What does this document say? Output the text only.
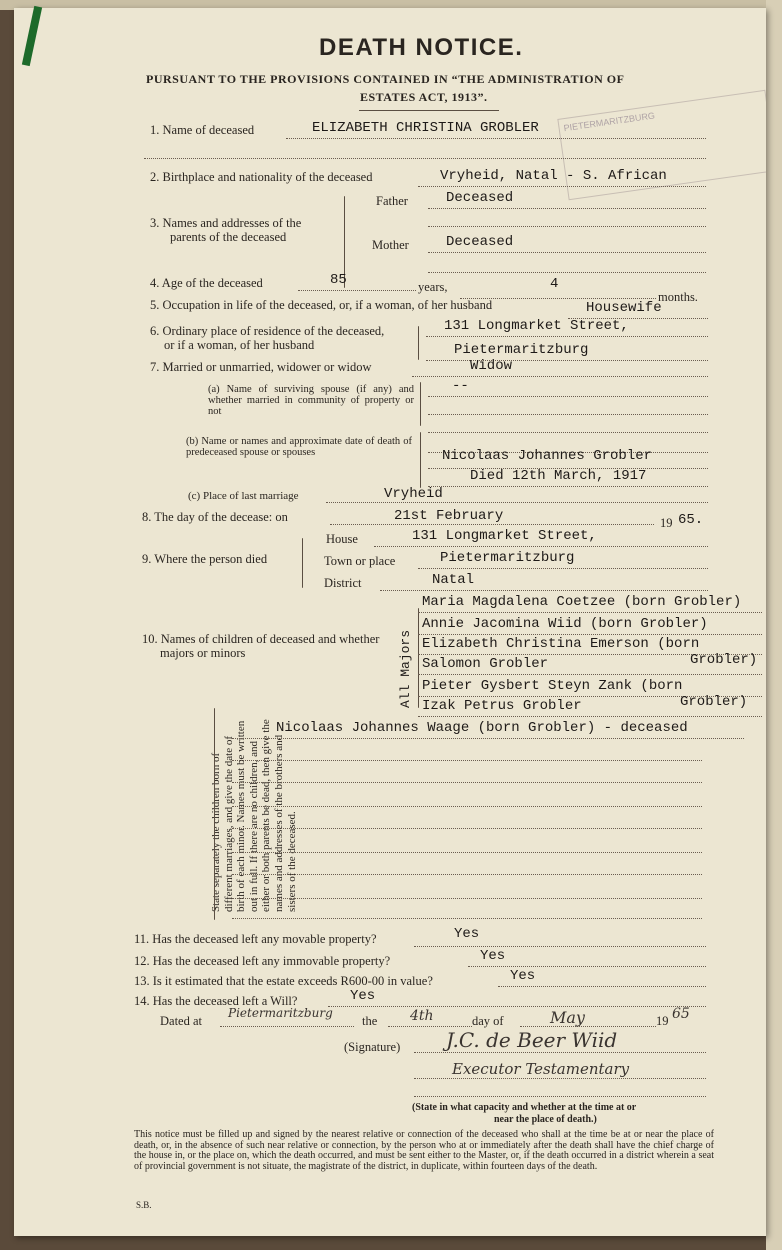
DEATH NOTICE.
PURSUANT TO THE PROVISIONS CONTAINED IN “THE ADMINISTRATION OF
ESTATES ACT, 1913”.
PIETERMARITZBURG
1. Name of deceased	ELIZABETH CHRISTINA GROBLER
2. Birthplace and nationality of the deceased	Vryheid, Natal - S. African
3. Names and addresses of the
parents of the deceased
Father	Deceased
Mother	Deceased
4. Age of the deceased	85	years,	4
months.
5. Occupation in life of the deceased, or, if a woman, of her husband	Housewife
6. Ordinary place of residence of the deceased,
or if a woman, of her husband
131 Longmarket Street,
Pietermaritzburg
7. Married or unmarried, widower or widow	Widow
(a) Name of surviving spouse (if any) and whether married in community of property or not
--
(b) Name or names and approximate date of death of predeceased spouse or spouses	Nicolaas Johannes Grobler
Died 12th March, 1917
(c) Place of last marriage	Vryheid
8. The day of the decease: on	21st February	19 65.
9. Where the person died
House	131 Longmarket Street,
Town or place	Pietermaritzburg
District	Natal
10. Names of children of deceased and whether
majors or minors	All Majors
Maria Magdalena Coetzee (born Grobler)
Annie Jacomina Wiid (born Grobler)
Elizabeth Christina Emerson (born
Grobler)
Salomon Grobler
Pieter Gysbert Steyn Zank (born
Grobler)
Izak Petrus Grobler
State separately the children born of different marriages, and give the date of birth of each minor. Names must be written out in full. If there are no children, and either or both parents be dead, then give the names and addresses of the brothers and sisters of the deceased.
Nicolaas Johannes Waage (born Grobler) - deceased
11. Has the deceased left any movable property?	Yes
12. Has the deceased left any immovable property?	Yes
13. Is it estimated that the estate exceeds R600-00 in value?	Yes
14. Has the deceased left a Will?	Yes
Dated at
Pietermaritzburg
the 4th	day of	May	19 65
(Signature) J.C. de Beer Wiid
Executor Testamentary
(State in what capacity and whether at the time at or
near the place of death.)
This notice must be filled up and signed by the nearest relative or connection of the deceased who shall at the time be at or near the place of death, or, in the absence of such near relative or connection, by the person who at or immediately after the death shall have the chief charge of the house in, or the place on, which the death occurred, and must be sent either to the Master, or, if the death occurred in a district wherein a seat of provincial government is not situate, the magistrate of the district, in duplicate, within fourteen days of the death.
S.B.
